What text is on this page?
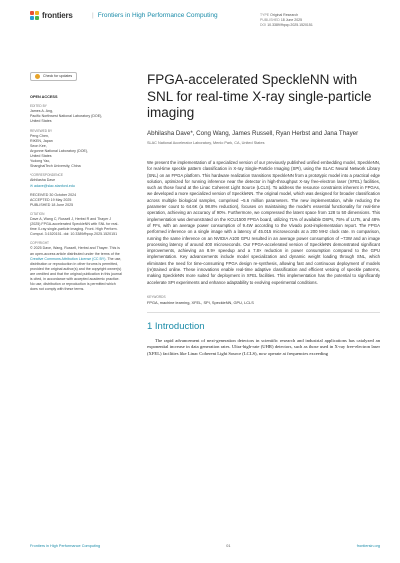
frontiers	| Frontiers in High Performance Computing	TYPE Original Research
PUBLISHED 18 June 2025
DOI 10.3389/fhpcp.2025.1520151
Check for updates
OPEN ACCESS
EDITED BY
James A. Ang,
Pacific Northwest National Laboratory (DOE),
United States
REVIEWED BY
Peng Chen,
RIKEN, Japan
Seon Kee,
Argonne National Laboratory (DOE),
United States
Yudong Yao,
ShanghaiTech University, China
*CORRESPONDENCE
Abhilasha Dave
✉ adave@slac.stanford.edu
RECEIVED 30 October 2024
ACCEPTED 19 May 2025
PUBLISHED 18 June 2025
CITATION
Dave A, Wang C, Russell J, Herbst R and Thayer J (2025) FPGA-accelerated SpeckleNN with SNL for real-time X-ray single-particle imaging. Front. High Perform. Comput. 3:1520151. doi: 10.3389/fhpcp.2025.1520151
COPYRIGHT
© 2025 Dave, Wang, Russell, Herbst and Thayer. This is an open-access article distributed under the terms of the Creative Commons Attribution License (CC BY). The use, distribution or reproduction in other forums is permitted, provided the original author(s) and the copyright owner(s) are credited and that the original publication in this journal is cited, in accordance with accepted academic practice. No use, distribution or reproduction is permitted which does not comply with these terms.
FPGA-accelerated SpeckleNN with SNL for real-time X-ray single-particle imaging
Abhilasha Dave*, Cong Wang, James Russell, Ryan Herbst and Jana Thayer
SLAC National Accelerator Laboratory, Menlo Park, CA, United States
We present the implementation of a specialized version of our previously published unified embedding model, SpeckleNN, for real-time speckle pattern classification in X-ray Single-Particle Imaging (SPI), using the SLAC Neural Network Library (SNL) on an FPGA platform. This hardware realization transitions SpeckleNN from a prototypic model into a practical edge solution, optimized for running inference near the detector in high-throughput X-ray free-electron laser (XFEL) facilities, such as those found at the Linac Coherent Light Source (LCLS). To address the resource constraints inherent in FPGAs, we developed a more specialized version of SpeckleNN. The original model, which was designed for broader classification across multiple biological samples, comprised ~5.6 million parameters. The new implementation, while reducing the parameter count to 64.6K (a 98.8% reduction), focuses on maintaining the model's essential functionality for real-time operation, achieving an accuracy of 90%. Furthermore, we compressed the latent space from 128 to 50 dimensions. This implementation was demonstrated on the KCU1500 FPGA board, utilizing 71% of available DSPs, 75% of LUTs, and 48% of FFs, with an average power consumption of 9.4W according to the Vivado post-implementation report. The FPGA performed inference on a single image with a latency of 45.015 microseconds at a 200 MHz clock rate. In comparison, running the same inference on an NVIDIA A100 GPU resulted in an average power consumption of ~73W and an image processing latency of around 400 microseconds. Our FPGA-accelerated version of SpeckleNN demonstrated significant improvements, achieving an 8.9× speedup and a 7.8× reduction in power consumption compared to the GPU implementation. Key advancements include model specialization and dynamic weight loading through SNL, which eliminates the need for time-consuming FPGA design re-synthesis, allowing fast and continuous deployment of models (re)trained online. These innovations enable real-time adaptive classification and efficient vetoing of speckle patterns, making SpeckleNN more suited for deployment in XFEL facilities. This implementation has the potential to significantly accelerate SPI experiments and enhance adaptability to evolving experimental conditions.
KEYWORDS
FPGA, machine learning, XFEL, SPI, SpeckleNN, GPU, LCLS
1 Introduction
The rapid advancement of next-generation detectors in scientific research and industrial applications has catalyzed an exponential increase in data generation rates. Ultra-high-rate (UHR) detectors, such as those used in X-ray free-electron laser (XFEL) facilities like Linac Coherent Light Source (LCLS), now operate at frequencies exceeding
Frontiers in High Performance Computing	01	frontiersin.org
